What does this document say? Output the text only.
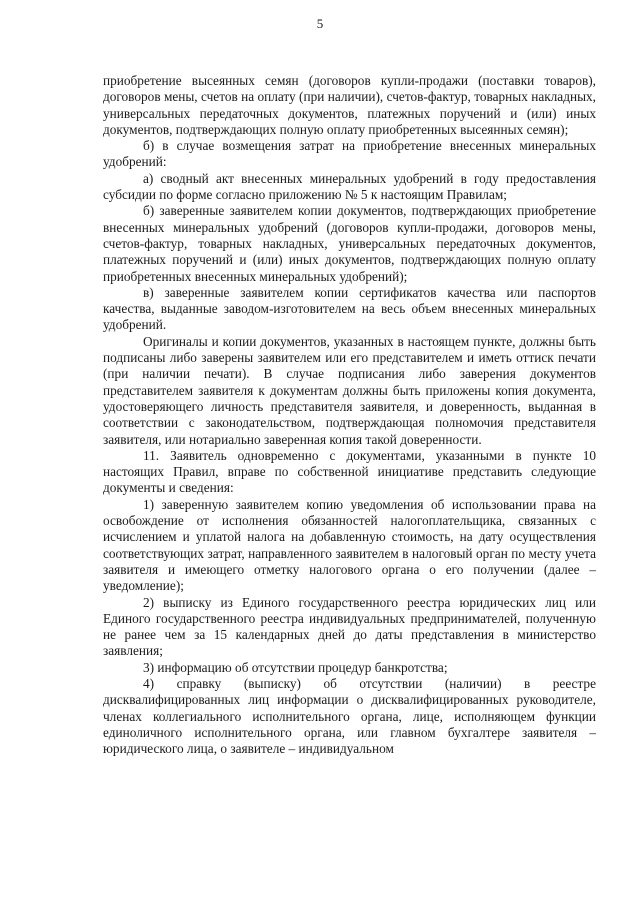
5

приобретение высеянных семян (договоров купли-продажи (поставки товаров), договоров мены, счетов на оплату (при наличии), счетов-фактур, товарных накладных, универсальных передаточных документов, платежных поручений и (или) иных документов, подтверждающих полную оплату приобретенных высеянных семян);

б) в случае возмещения затрат на приобретение внесенных минеральных удобрений:

а) сводный акт внесенных минеральных удобрений в году предоставления субсидии по форме согласно приложению № 5 к настоящим Правилам;

б) заверенные заявителем копии документов, подтверждающих приобретение внесенных минеральных удобрений (договоров купли-продажи, договоров мены, счетов-фактур, товарных накладных, универсальных передаточных документов, платежных поручений и (или) иных документов, подтверждающих полную оплату приобретенных внесенных минеральных удобрений);

в) заверенные заявителем копии сертификатов качества или паспортов качества, выданные заводом-изготовителем на весь объем внесенных минеральных удобрений.

Оригиналы и копии документов, указанных в настоящем пункте, должны быть подписаны либо заверены заявителем или его представителем и иметь оттиск печати (при наличии печати). В случае подписания либо заверения документов представителем заявителя к документам должны быть приложены копия документа, удостоверяющего личность представителя заявителя, и доверенность, выданная в соответствии с законодательством, подтверждающая полномочия представителя заявителя, или нотариально заверенная копия такой доверенности.

11. Заявитель одновременно с документами, указанными в пункте 10 настоящих Правил, вправе по собственной инициативе представить следующие документы и сведения:

1) заверенную заявителем копию уведомления об использовании права на освобождение от исполнения обязанностей налогоплательщика, связанных с исчислением и уплатой налога на добавленную стоимость, на дату осуществления соответствующих затрат, направленного заявителем в налоговый орган по месту учета заявителя и имеющего отметку налогового органа о его получении (далее – уведомление);

2) выписку из Единого государственного реестра юридических лиц или Единого государственного реестра индивидуальных предпринимателей, полученную не ранее чем за 15 календарных дней до даты представления в министерство заявления;

3) информацию об отсутствии процедур банкротства;

4) справку (выписку) об отсутствии (наличии) в реестре дисквалифицированных лиц информации о дисквалифицированных руководителе, членах коллегиального исполнительного органа, лице, исполняющем функции единоличного исполнительного органа, или главном бухгалтере заявителя – юридического лица, о заявителе – индивидуальном
